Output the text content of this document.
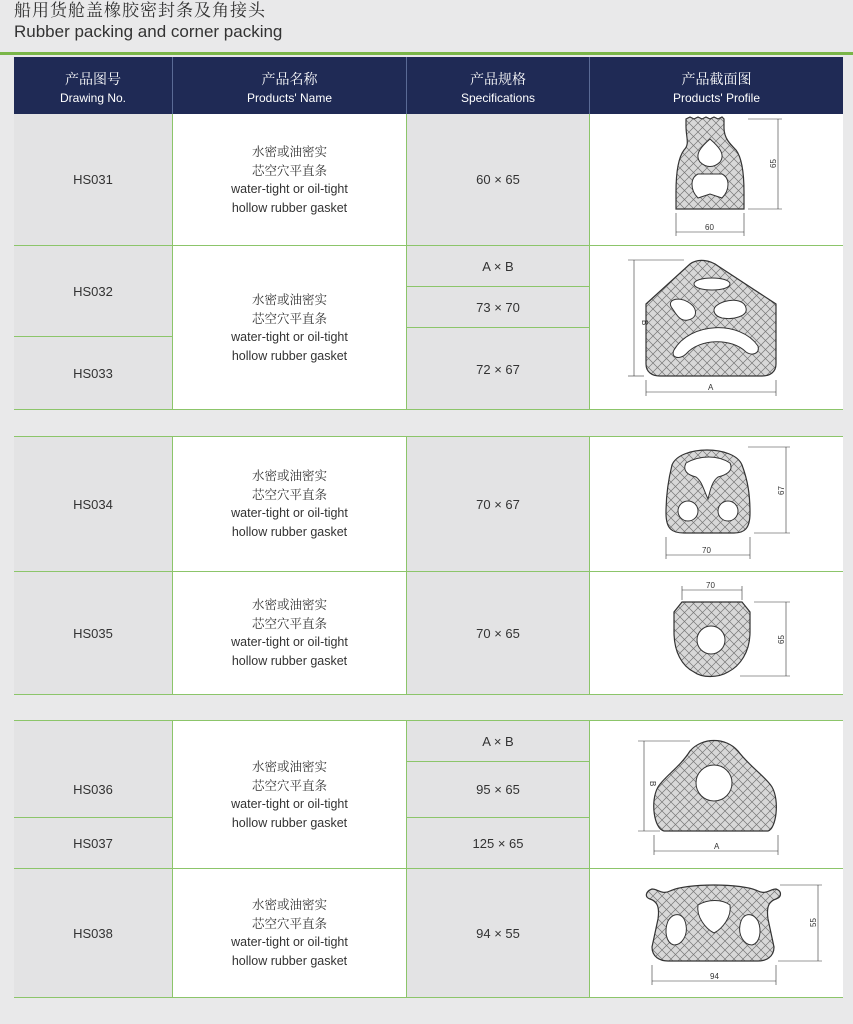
船用货舱盖橡胶密封条及角接头
Rubber packing and corner packing
产品图号
Drawing No.
产品名称
Products' Name
产品规格
Specifications
产品截面图
Products' Profile
HS031
水密或油密实
芯空穴平直条
water-tight or oil-tight
hollow rubber gasket
60 × 65
65
60
HS032
HS033
水密或油密实
芯空穴平直条
water-tight or oil-tight
hollow rubber gasket
A × B
73 × 70
72 × 67
B
A
HS034
水密或油密实
芯空穴平直条
water-tight or oil-tight
hollow rubber gasket
70 × 67
67
70
HS035
水密或油密实
芯空穴平直条
water-tight or oil-tight
hollow rubber gasket
70 × 65
70
65
HS036
HS037
水密或油密实
芯空穴平直条
water-tight or oil-tight
hollow rubber gasket
A × B
95 × 65
125 × 65
B
A
HS038
水密或油密实
芯空穴平直条
water-tight or oil-tight
hollow rubber gasket
94 × 55
55
94
